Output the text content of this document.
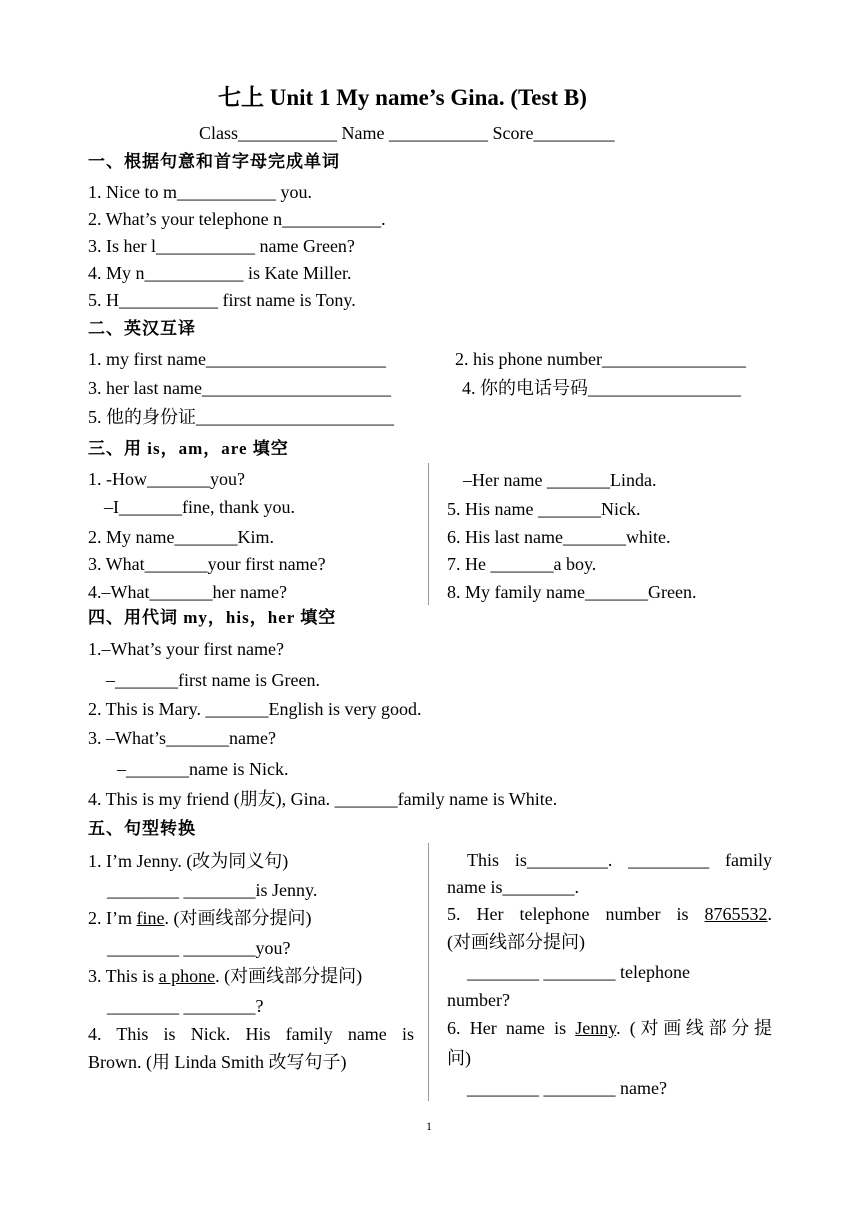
七上 Unit 1 My name’s Gina. (Test B)
Class___________ Name ___________ Score_________
一、根据句意和首字母完成单词
1. Nice to m___________ you.
2. What’s your telephone n___________.
3. Is her l___________ name Green?
4. My n___________ is Kate Miller.
5. H___________ first name is Tony.
二、英汉互译
1. my first name____________________	2. his phone number________________
3. her last name_____________________	4. 你的电话号码_________________
5. 他的身份证______________________
三、用 is，am，are 填空
1. -How_______you?
–I_______fine, thank you.
2. My name_______Kim.
3. What_______your first name?
4.–What_______her name?
–Her name _______Linda.
5. His name _______Nick.
6. His last name_______white.
7. He _______a boy.
8. My family name_______Green.
四、用代词 my，his，her 填空
1.–What’s your first name?
–_______first name is Green.
2. This is Mary. _______English is very good.
3. –What’s_______name?
–_______name is Nick.
4. This is my friend (朋友), Gina. _______family name is White.
五、句型转换
1. I’m Jenny. (改为同义句)
________ ________is Jenny.
2. I’m fine. (对画线部分提问)
________ ________you?
3. This is a phone. (对画线部分提问)
________ ________?
4. This is Nick. His family name is
Brown. (用 Linda Smith 改写句子)
This is_________. _________ family
name is________.
5. Her telephone number is 8765532.
(对画线部分提问)
________ ________ telephone
number?
6. Her name is Jenny. (对画线部分提
问)
________ ________ name?
1
